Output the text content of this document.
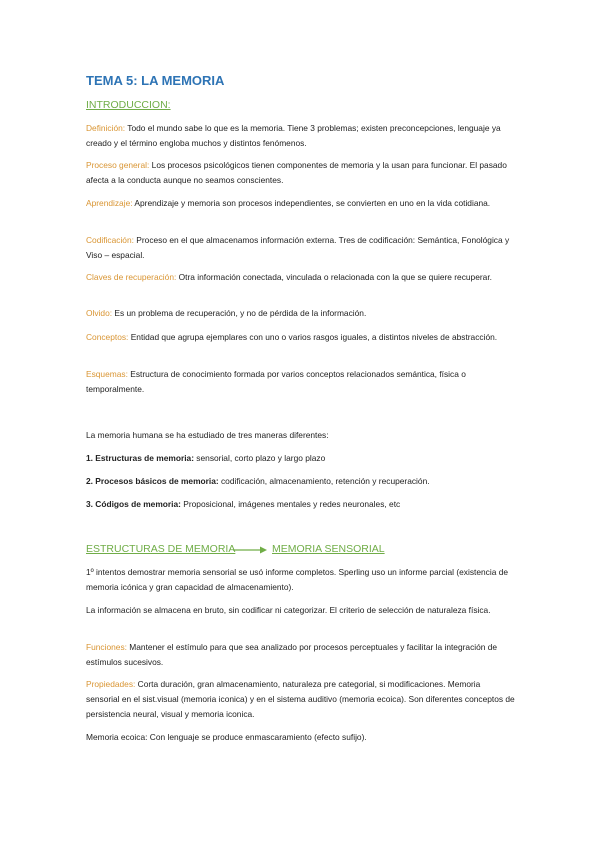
TEMA 5: LA MEMORIA

INTRODUCCION:

Definición: Todo el mundo sabe lo que es la memoria. Tiene 3 problemas; existen preconcepciones, lenguaje ya creado y el término engloba muchos y distintos fenómenos.

Proceso general: Los procesos psicológicos tienen componentes de memoria y la usan para funcionar. El pasado afecta a la conducta aunque no seamos conscientes.

Aprendizaje: Aprendizaje y memoria son procesos independientes, se convierten en uno en la vida cotidiana.

Codificación: Proceso en el que almacenamos información externa. Tres de codificación: Semántica, Fonológica y Viso – espacial.

Claves de recuperación: Otra información conectada, vinculada o relacionada con la que se quiere recuperar.

Olvido: Es un problema de recuperación, y no de pérdida de la información.

Conceptos: Entidad que agrupa ejemplares con uno o varios rasgos iguales, a distintos niveles de abstracción.

Esquemas: Estructura de conocimiento formada por varios conceptos relacionados semántica, física o temporalmente.

La memoria humana se ha estudiado de tres maneras diferentes:

1. Estructuras de memoria: sensorial, corto plazo y largo plazo

2. Procesos básicos de memoria: codificación, almacenamiento, retención y recuperación.

3. Códigos de memoria: Proposicional, imágenes mentales y redes neuronales, etc

ESTRUCTURAS DE MEMORIA	MEMORIA SENSORIAL

1º intentos demostrar memoria sensorial se usó informe completos. Sperling uso un informe parcial (existencia de memoria icónica y gran capacidad de almacenamiento).

La información se almacena en bruto, sin codificar ni categorizar. El criterio de selección de naturaleza física.

Funciones: Mantener el estímulo para que sea analizado por procesos perceptuales y facilitar la integración de estímulos sucesivos.

Propiedades: Corta duración, gran almacenamiento, naturaleza pre categorial, si modificaciones. Memoria sensorial en el sist.visual (memoria iconica) y en el sistema auditivo (memoria ecoica). Son diferentes conceptos de persistencia neural, visual y memoria iconica.

Memoria ecoica: Con lenguaje se produce enmascaramiento (efecto sufijo).
